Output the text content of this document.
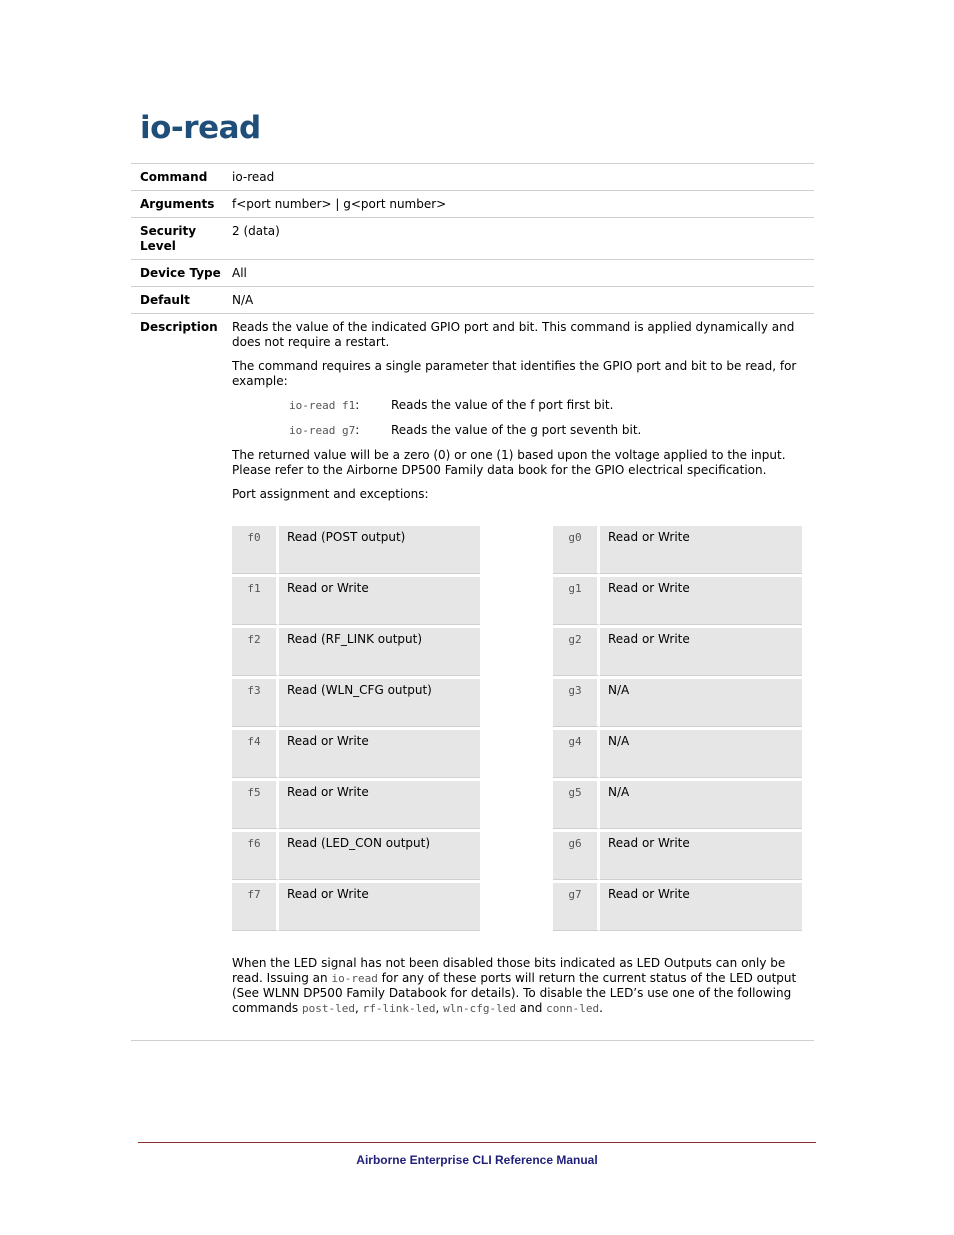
io-read
Command	io-read
Arguments	f<port number> | g<port number>
Security Level	2 (data)
Device Type	All
Default	N/A
Description	Reads the value of the indicated GPIO port and bit. This command is applied dynamically and does not require a restart.

The command requires a single parameter that identifies the GPIO port and bit to be read, for example:

io-read f1:	Reads the value of the f port first bit.
io-read g7:	Reads the value of the g port seventh bit.

The returned value will be a zero (0) or one (1) based upon the voltage applied to the input. Please refer to the Airborne DP500 Family data book for the GPIO electrical specification.

Port assignment and exceptions:

f0	Read (POST output)
f1	Read or Write
f2	Read (RF_LINK output)
f3	Read (WLN_CFG output)
f4	Read or Write
f5	Read or Write
f6	Read (LED_CON output)
f7	Read or Write
g0	Read or Write
g1	Read or Write
g2	Read or Write
g3	N/A
g4	N/A
g5	N/A
g6	Read or Write
g7	Read or Write

When the LED signal has not been disabled those bits indicated as LED Outputs can only be read. Issuing an io-read for any of these ports will return the current status of the LED output (See WLNN DP500 Family Databook for details). To disable the LED’s use one of the following commands post-led, rf-link-led, wln-cfg-led and conn-led.

Airborne Enterprise CLI Reference Manual
